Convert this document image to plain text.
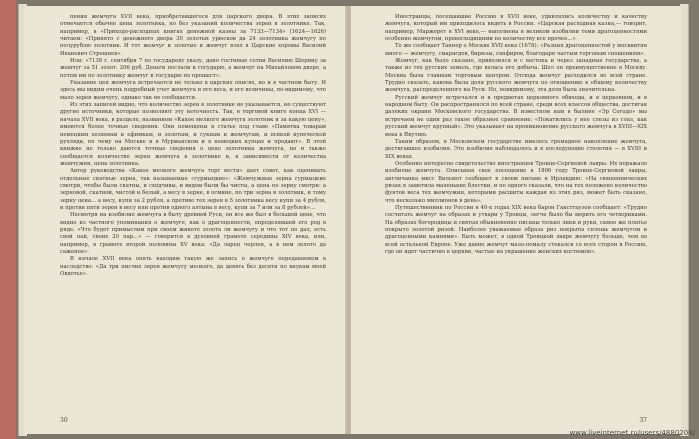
пения жемчуга XVII века, приобретавшегося для царского двора. В этих записях отмечается обычно цена золотника, но без указаний количества зерен в золотнике. Так, например, в «Приходо-расходных книгах денежной казны за 7133—7134» (1624—1626) читаем: «Принято с денежного двора 30 золотых урюсков да 24 золотника жемчугу по полурублю золотник. И тот жемчуг и золотые и жемчуг взял в Царские хоромы Василий Иванович Стрешнев».

Или: «7138 г. сентября 7 по государеву указу, дано гостиные сотни Василию Шорину за жемчуг за 51 золот. 206 руб. Деньги послали к государю, а жемчуг на Михайловом дворе, а потом им по золотнику жемчуг к государю по прошест».

Указание цен жемчуга встречается не только в царских описях, но и в частном быту. И здесь мы видим очень подробный учет жемчуга и его веса, и его величины, по-видимому, что мало зерен жемчугу, однако так не сообщается.

Из этих записей видно, что количество зерен в золотнике не указывается, но существуют другие источники, которые позволяют эту неточность. Так, в торговой книге конца XVI — начала XVII века, в разделе, названном «Какое мелкого жемчуга золотник и за какую цену», имеются более точные сведения. Они помещены в статье под главе «Памятка товарам немецким хозяевам и ефимкам, и золотым, и сукнам и жемчугам, и всякой купеческой рухляди, по чему на Москве и в Мурманском и в немецких купцах и продают». В этой книжке не только даются точные сведения о цене золотника жемчуга, но и также сообщается количество зерен жемчуга в золотнике и, в зависимости от количества жемчужин, цена золотника.

Автор руководства «Какое мелкого жемчуга торг вести» дает совет, как оценивать отдельные скатные зерна, так называемые «гурмыцкие»: «Жемчужные зерна гурмыцкие смотри, чтобы были скатны, и сходчивы, и видом были бы чисты, а цена по зерну смотри: а зерновой, скатной, чистой и белый, а весу в зерне, в осмине, по три зерна в золотник, и тому зерну цена... а весу, купи за 2 рубля, а противо тех зерен в 5 золотника весу купи за 4 рубля, и против пяти зерен в весу или против одного алтына в весу, купи за 7 или за 8 рублей»...

Несмотря на изобилие жемчуга в быту древней Руси, он все же был в большой цене, что видно из частного упоминания о жемчуге, как о драгоценности, определявшей его род в ряде. «Что будет примыслим при своем животе золота ли жемчугу и что тот по дал, есть свой пай, своих 20 пар...» — говорится в духовной грамоте середины XIV века, или, например, в грамоте второй половины XV века: «Да ларец черлен, а в нем золото да саженое».

В начале XVII века опять находим такую же запись о жемчуге передаваемом в наследство: «Да три писчих зерен жемчугу мелкого, да девять без десяти по внукам моей Овдотье».

30

Иностранцы, посещавшие Россию в XVII веке, удивлялись количеству и качеству жемчуга, который им приходилось видеть в России. «Царская расходная казна,— говорит, например, Маржерет в XVI веке,— наполнена в великом изобилии теми драгоценностями особенно жемчугом, превосходящими по количеству все прочее...»

То же сообщает Таннер о Москве XVII века (1678): «Разных драгоценностей у москвитян много — жемчугу, смарагдов, бирюзы, сапфиров, благодаря частым торговым сношениям».

Жемчуг, как было сказано, привозился и с востока и через западные государства, а также из тех русских земель, где велась его добыча. Шел он преимущественно в Москву. Москва была главным торговым центром. Отсюда жемчуг расходился во всей стране. Трудно сказать, какова была доля русского жемчуга по отношению к общему количеству жемчуга, распределенного на Руси. Но, повидимому, эта доля была значительна.

Русский жемчуг встречался и в предметах церковного обихода, и в церковном, и в народном быту. Он распространялся по всей стране, среди всех классов общества, достигая далеких окраин Московского государства. В известном нам в былине «Эр Согодо» мы встречаем не один раз такое образное сравнение: «Покатились у нее слезы из глаз, как русский жемчуг крупный». Это указывает на проникновение русского жемчуга в XVIII—XIX века в Якутию.

Таким образом, в Московском государстве имелось громадное накопление жемчуга, достигавшее изобилия. Это изобилие наблюдалось и в последующие столетия — в XVIII и XIX веках.

Особенно интересно свидетельство иностранцев Троице-Сергиевой лавры. Их поражало изобилие жемчуга. Описывая свое посещение в 1806 году Троице-Сергиевой лавры, англичанка мисс Вильмот сообщает в своем письме в Ирландию: «На священнических ризах я заметила маленькие блестки, и по одного сказали, что на тех положено количество фунтов веса тех жемчужин, которыми расшиты каждая из этих риз, может быть сказано, что несколько миллионов в день».

Путешественник по России в 40-х годах XIX века барон Гакстгаузен сообщает: «Трудно сосчитать жемчуг на образах и утвари у Троицы, легче было бы мерить его четвериками. На образах богородицы и святых обыкновенно писаны только лики и руки, самое же платье покрыто золотой ризой. Наиболее уважаемые образа риз покрыты сплошь жемчугом и драгоценными камнями». Быть может, в одной Троицкой лавре жемчугу больше, чем во всей остальной Европе. Уже давно жемчуг мало-помалу стекался со всех сторон в Россию, где он идет частично в церкви, частью на украшение женских костюмов».

37
www.liveinternet.ru/users/4880208/
